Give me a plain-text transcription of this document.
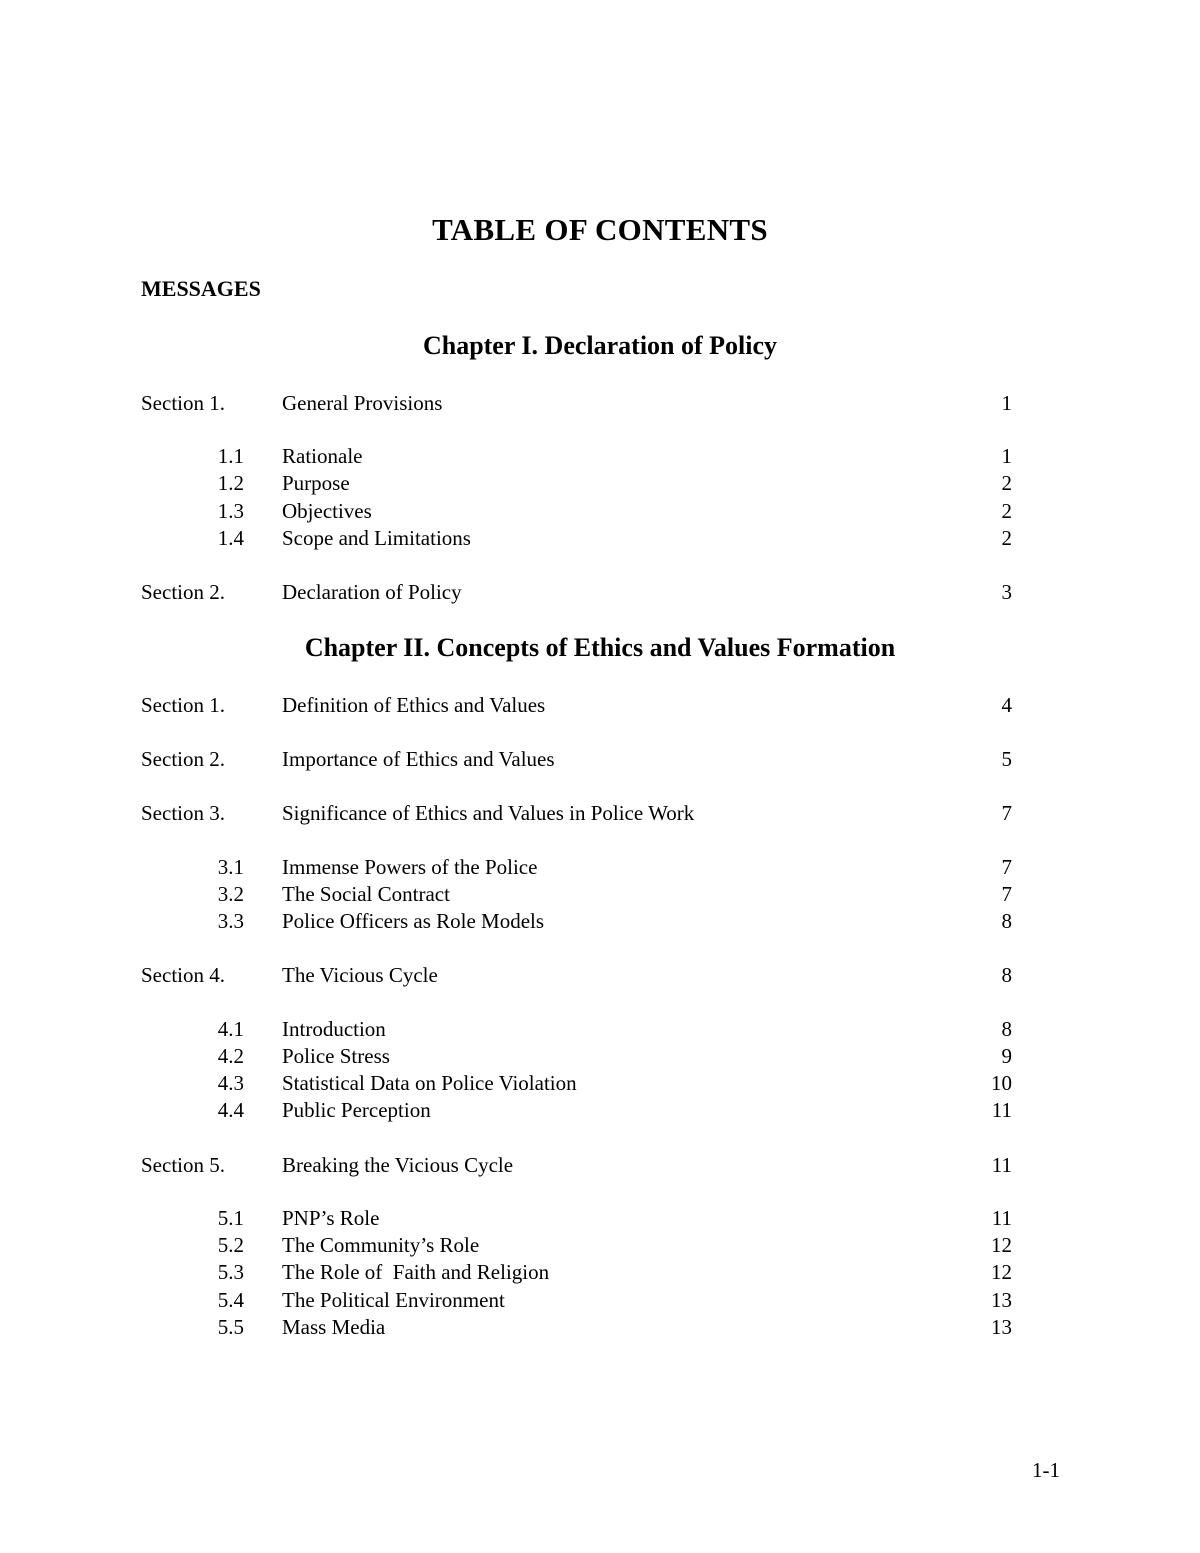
TABLE OF CONTENTS
MESSAGES
Chapter I. Declaration of Policy
Section 1.	General Provisions	1
1.1 Rationale	1
1.2 Purpose	2
1.3 Objectives	2
1.4 Scope and Limitations	2
Section 2.	Declaration of Policy	3
Chapter II. Concepts of Ethics and Values Formation
Section 1.	Definition of Ethics and Values	4
Section 2.	Importance of Ethics and Values	5
Section 3.	Significance of Ethics and Values in Police Work	7
3.1 Immense Powers of the Police	7
3.2 The Social Contract	7
3.3 Police Officers as Role Models	8
Section 4.	The Vicious Cycle	8
4.1 Introduction	8
4.2 Police Stress	9
4.3 Statistical Data on Police Violation	10
4.4 Public Perception	11
Section 5.	Breaking the Vicious Cycle	11
5.1 PNP’s Role	11
5.2 The Community’s Role	12
5.3 The Role of  Faith and Religion	12
5.4 The Political Environment	13
5.5 Mass Media	13
1-1
